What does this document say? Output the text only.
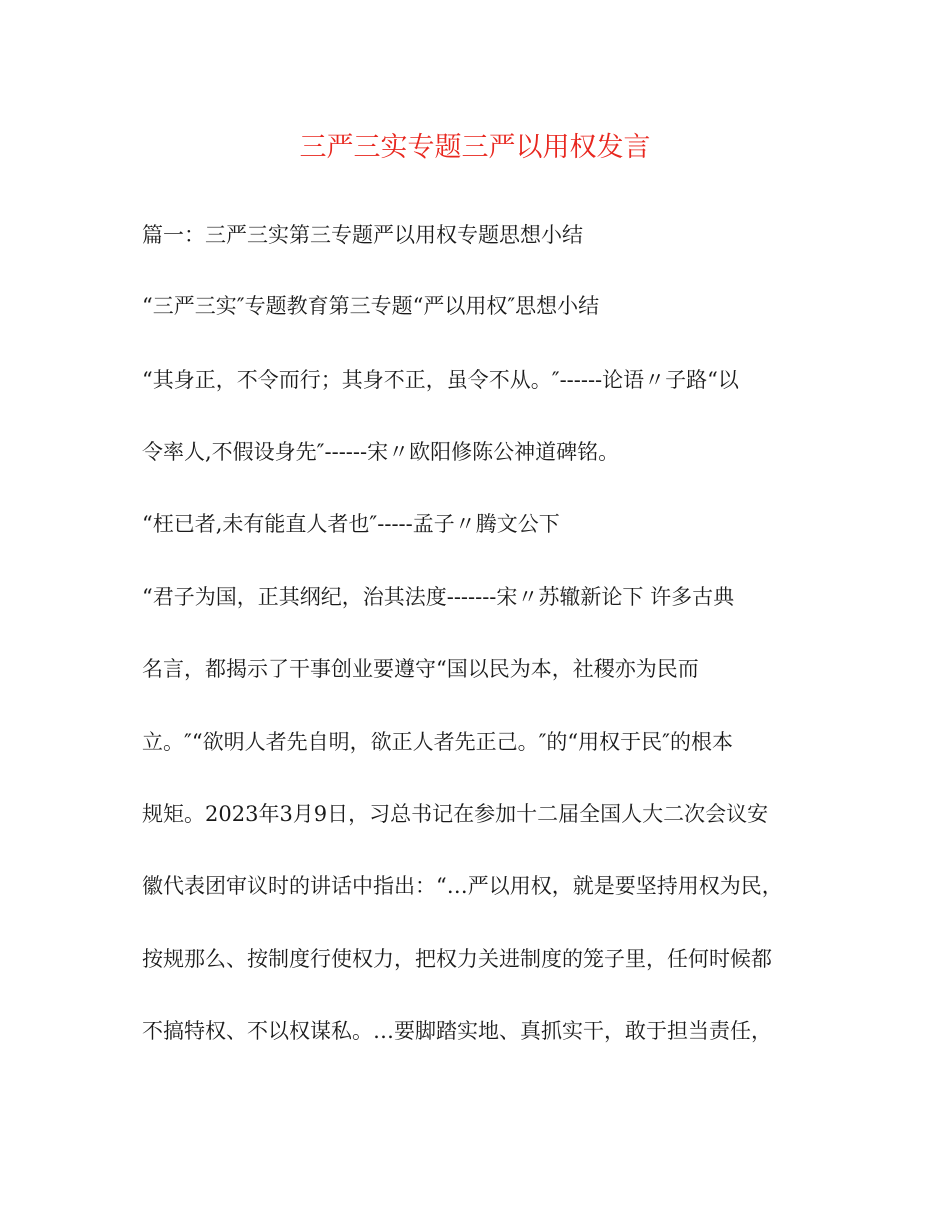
三严三实专题三严以用权发言
篇一：三严三实第三专题严以用权专题思想小结
“三严三实″专题教育第三专题“严以用权″思想小结
“其身正，不令而行；其身不正，虽令不从。″------论语〃子路“以
令率人,不假设身先″------宋〃欧阳修陈公神道碑铭。
“枉已者,未有能直人者也″-----孟子〃腾文公下
“君子为国，正其纲纪，治其法度-------宋〃苏辙新论下 许多古典
名言，都揭示了干事创业要遵守“国以民为本，社稷亦为民而
立。″“欲明人者先自明，欲正人者先正己。″的“用权于民″的根本
规矩。2023年3月9日，习总书记在参加十二届全国人大二次会议安
徽代表团审议时的讲话中指出：“…严以用权，就是要坚持用权为民，
按规那么、按制度行使权力，把权力关进制度的笼子里，任何时候都
不搞特权、不以权谋私。…要脚踏实地、真抓实干，敢于担当责任，
